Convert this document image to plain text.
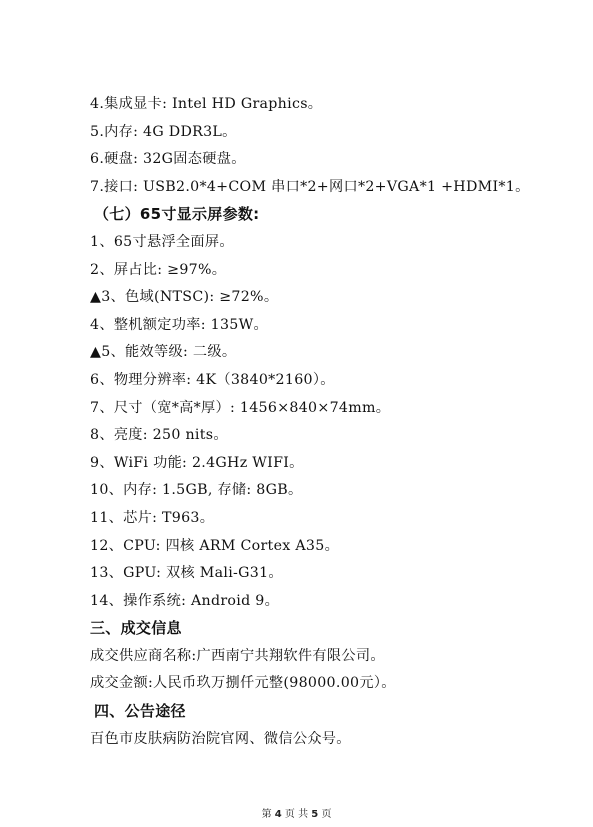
4.集成显卡: Intel HD Graphics。
5.内存: 4G DDR3L。
6.硬盘: 32G固态硬盘。
7.接口: USB2.0*4+COM 串口*2+网口*2+VGA*1 +HDMI*1。
（七）65寸显示屏参数:
1、65寸悬浮全面屏。
2、屏占比: ≥97%。
▲3、色域(NTSC): ≥72%。
4、整机额定功率: 135W。
▲5、能效等级: 二级。
6、物理分辨率: 4K（3840*2160）。
7、尺寸（宽*高*厚）: 1456×840×74mm。
8、亮度: 250 nits。
9、WiFi 功能: 2.4GHz WIFI。
10、内存: 1.5GB, 存储: 8GB。
11、芯片: T963。
12、CPU: 四核 ARM Cortex A35。
13、GPU: 双核 Mali-G31。
14、操作系统: Android 9。
三、成交信息
成交供应商名称:广西南宁共翔软件有限公司。
成交金额:人民币玖万捌仟元整(98000.00元）。
四、公告途径
百色市皮肤病防治院官网、微信公众号。
第 4 页 共 5 页
